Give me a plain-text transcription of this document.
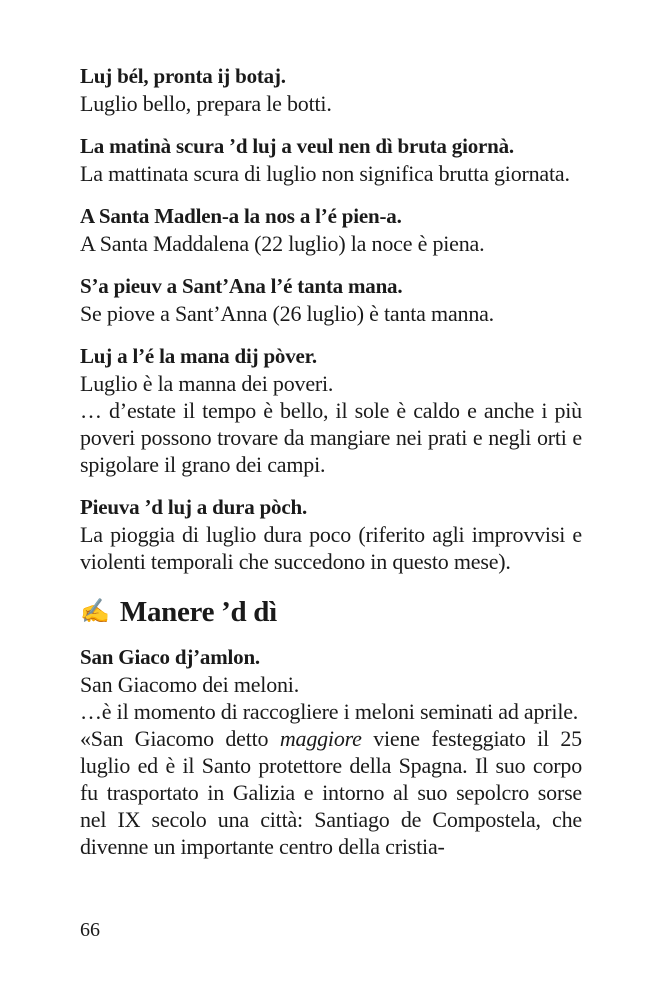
Luj bél, pronta ij botaj.
Luglio bello, prepara le botti.
La matinà scura ’d luj a veul nen dì bruta giornà.
La mattinata scura di luglio non significa brutta giornata.
A Santa Madlen-a la nos a l’é pien-a.
A Santa Maddalena (22 luglio) la noce è piena.
S’a pieuv a Sant’Ana l’é tanta mana.
Se piove a Sant’Anna (26 luglio) è tanta manna.
Luj a l’é la mana dij pòver.
Luglio è la manna dei poveri.
… d’estate il tempo è bello, il sole è caldo e anche i più poveri possono trovare da mangiare nei prati e negli orti e spigolare il grano dei campi.
Pieuva ’d luj a dura pòch.
La pioggia di luglio dura poco (riferito agli improvvisi e violenti temporali che succedono in questo mese).
✍ Manere ’d dì
San Giaco dj’amlon.
San Giacomo dei meloni.
…è il momento di raccogliere i meloni seminati ad aprile.
«San Giacomo detto maggiore viene festeggiato il 25 luglio ed è il Santo protettore della Spagna. Il suo corpo fu trasportato in Galizia e intorno al suo sepolcro sorse nel IX secolo una città: Santiago de Compostela, che divenne un importante centro della cristia-
66
